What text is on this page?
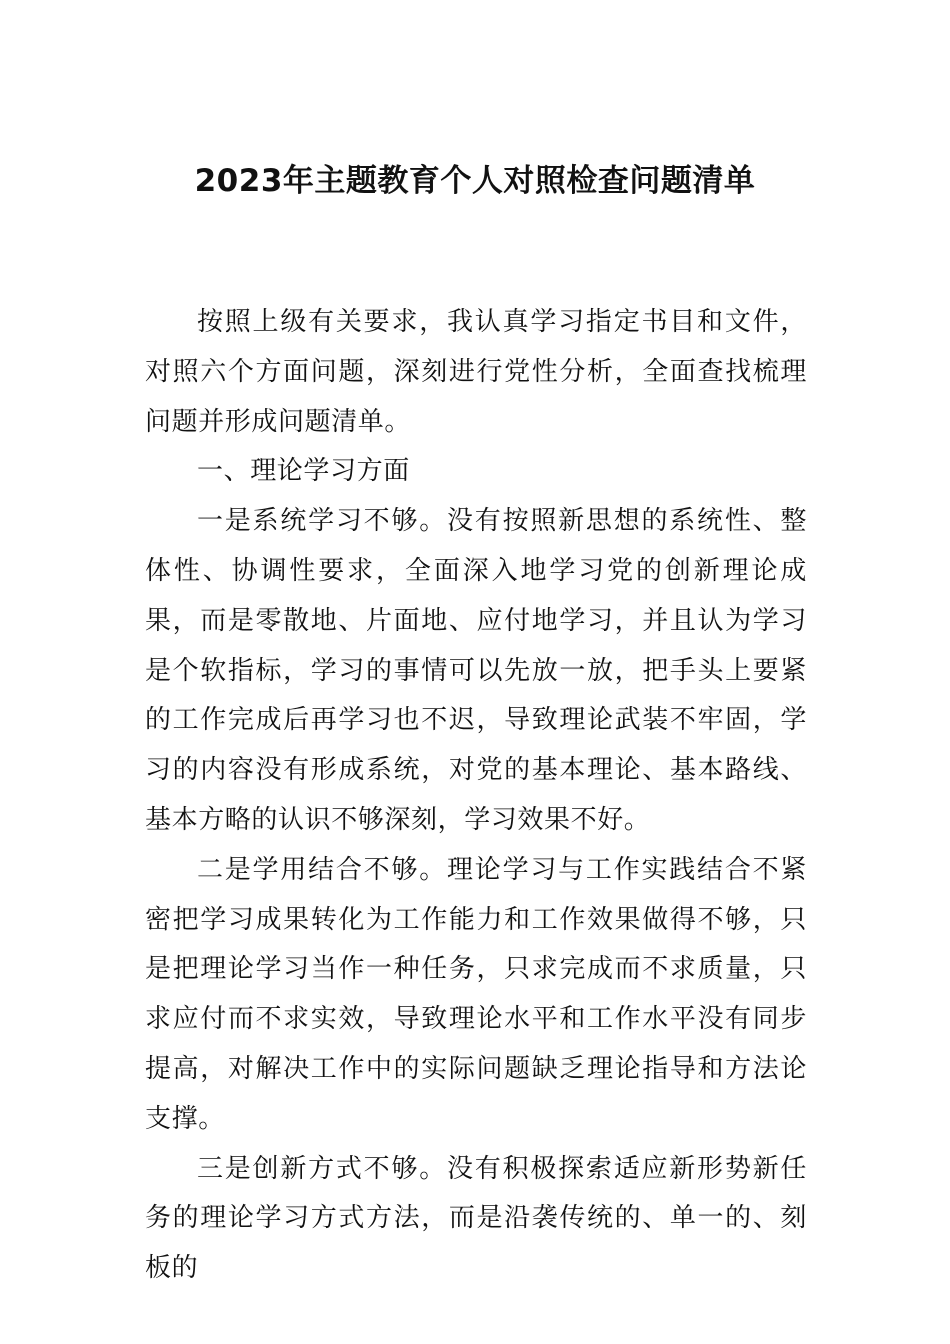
2023年主题教育个人对照检查问题清单

按照上级有关要求，我认真学习指定书目和文件，对照六个方面问题，深刻进行党性分析，全面查找梳理问题并形成问题清单。

一、理论学习方面

一是系统学习不够。没有按照新思想的系统性、整体性、协调性要求，全面深入地学习党的创新理论成果，而是零散地、片面地、应付地学习，并且认为学习是个软指标，学习的事情可以先放一放，把手头上要紧的工作完成后再学习也不迟，导致理论武装不牢固，学习的内容没有形成系统，对党的基本理论、基本路线、基本方略的认识不够深刻，学习效果不好。

二是学用结合不够。理论学习与工作实践结合不紧密把学习成果转化为工作能力和工作效果做得不够，只是把理论学习当作一种任务，只求完成而不求质量，只求应付而不求实效，导致理论水平和工作水平没有同步提高，对解决工作中的实际问题缺乏理论指导和方法论支撑。

三是创新方式不够。没有积极探索适应新形势新任务的理论学习方式方法，而是沿袭传统的、单一的、刻板的
